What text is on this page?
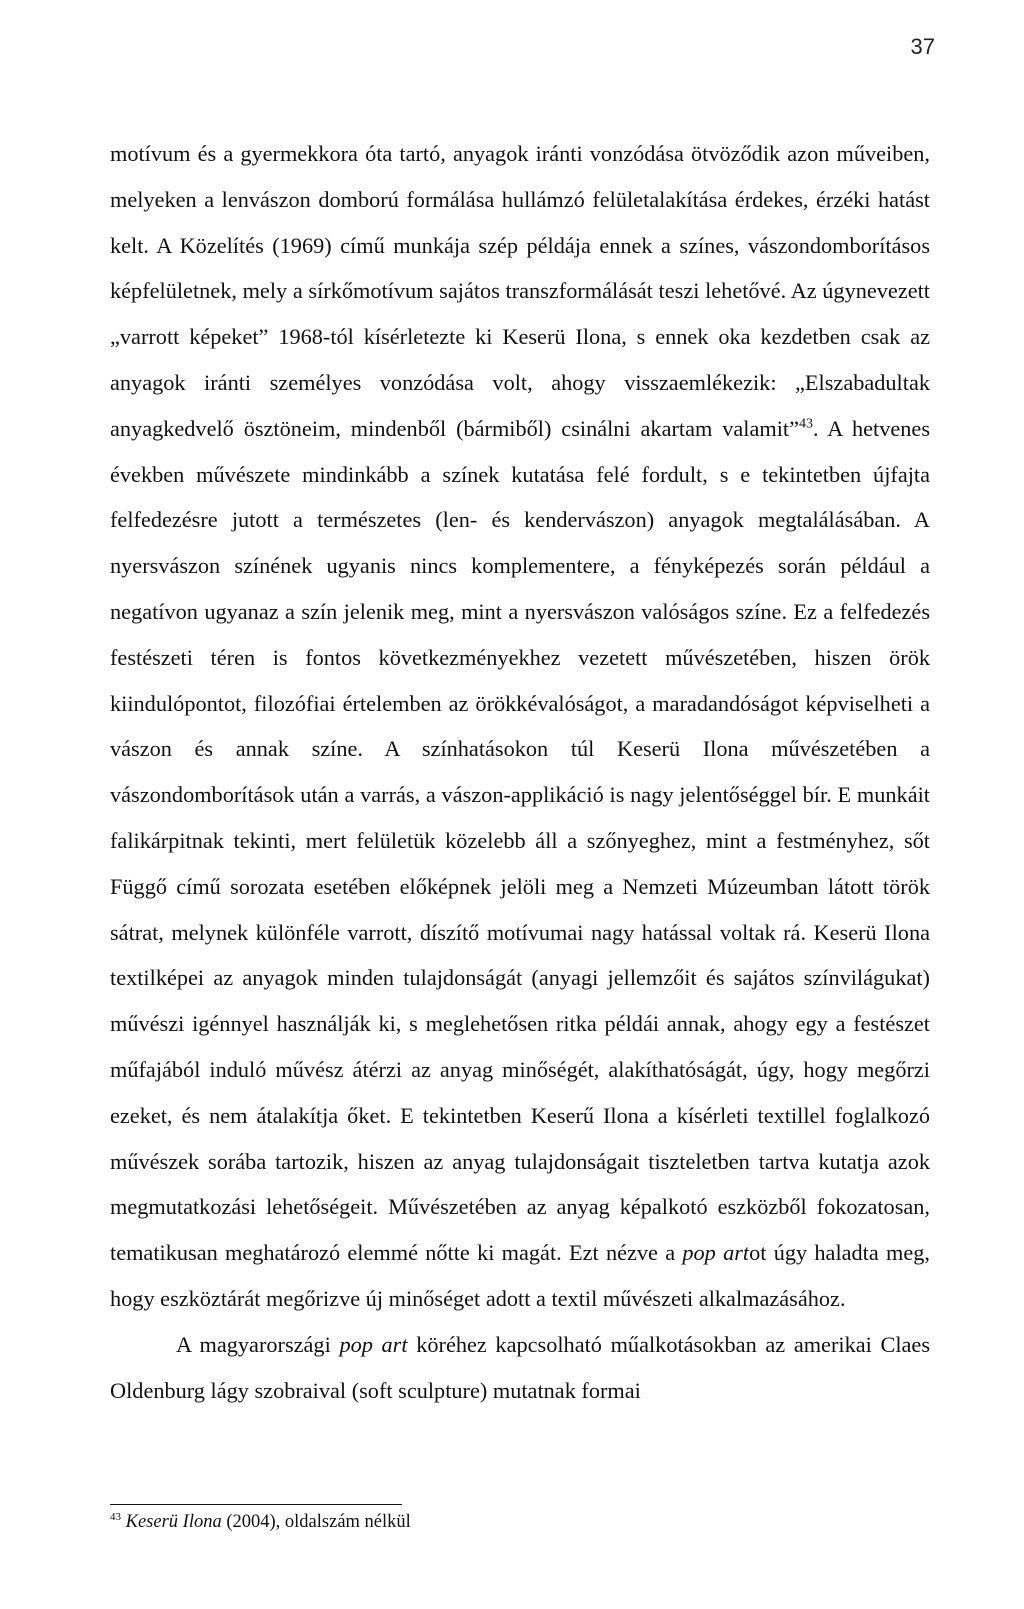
37

motívum és a gyermekkora óta tartó, anyagok iránti vonzódása ötvöződik azon műveiben, melyeken a lenvászon domború formálása hullámzó felületalakítása érdekes, érzéki hatást kelt. A Közelítés (1969) című munkája szép példája ennek a színes, vászondomborításos képfelületnek, mely a sírkőmotívum sajátos transzformálását teszi lehetővé. Az úgynevezett „varrott képeket” 1968-tól kísérletezte ki Keserü Ilona, s ennek oka kezdetben csak az anyagok iránti személyes vonzódása volt, ahogy visszaemlékezik: „Elszabadultak anyagkedvelő ösztöneim, mindenből (bármiből) csinálni akartam valamit”$^{43}$. A hetvenes években művészete mindinkább a színek kutatása felé fordult, s e tekintetben újfajta felfedezésre jutott a természetes (len- és kendervászon) anyagok megtalálásában. A nyersvászon színének ugyanis nincs komplementere, a fényképezés során például a negatívon ugyanaz a szín jelenik meg, mint a nyersvászon valóságos színe. Ez a felfedezés festészeti téren is fontos következményekhez vezetett művészetében, hiszen örök kiindulópontot, filozófiai értelemben az örökkévalóságot, a maradandóságot képviselheti a vászon és annak színe. A színhatásokon túl Keserü Ilona művészetében a vászondomborítások után a varrás, a vászon-applikáció is nagy jelentőséggel bír. E munkáit falikárpitnak tekinti, mert felületük közelebb áll a szőnyeghez, mint a festményhez, sőt Függő című sorozata esetében előképnek jelöli meg a Nemzeti Múzeumban látott török sátrat, melynek különféle varrott, díszítő motívumai nagy hatással voltak rá. Keserü Ilona textilképei az anyagok minden tulajdonságát (anyagi jellemzőit és sajátos színvilágukat) művészi igénnyel használják ki, s meglehetősen ritka példái annak, ahogy egy a festészet műfajából induló művész átérzi az anyag minőségét, alakíthatóságát, úgy, hogy megőrzi ezeket, és nem átalakítja őket. E tekintetben Keserű Ilona a kísérleti textillel foglalkozó művészek sorába tartozik, hiszen az anyag tulajdonságait tiszteletben tartva kutatja azok megmutatkozási lehetőségeit. Művészetében az anyag képalkotó eszközből fokozatosan, tematikusan meghatározó elemmé nőtte ki magát. Ezt nézve a pop artot úgy haladta meg, hogy eszköztárát megőrizve új minőséget adott a textil művészeti alkalmazásához.

A magyarországi pop art köréhez kapcsolható műalkotásokban az amerikai Claes Oldenburg lágy szobraival (soft sculpture) mutatnak formai

$^{43}$ Keserü Ilona (2004), oldalszám nélkül
